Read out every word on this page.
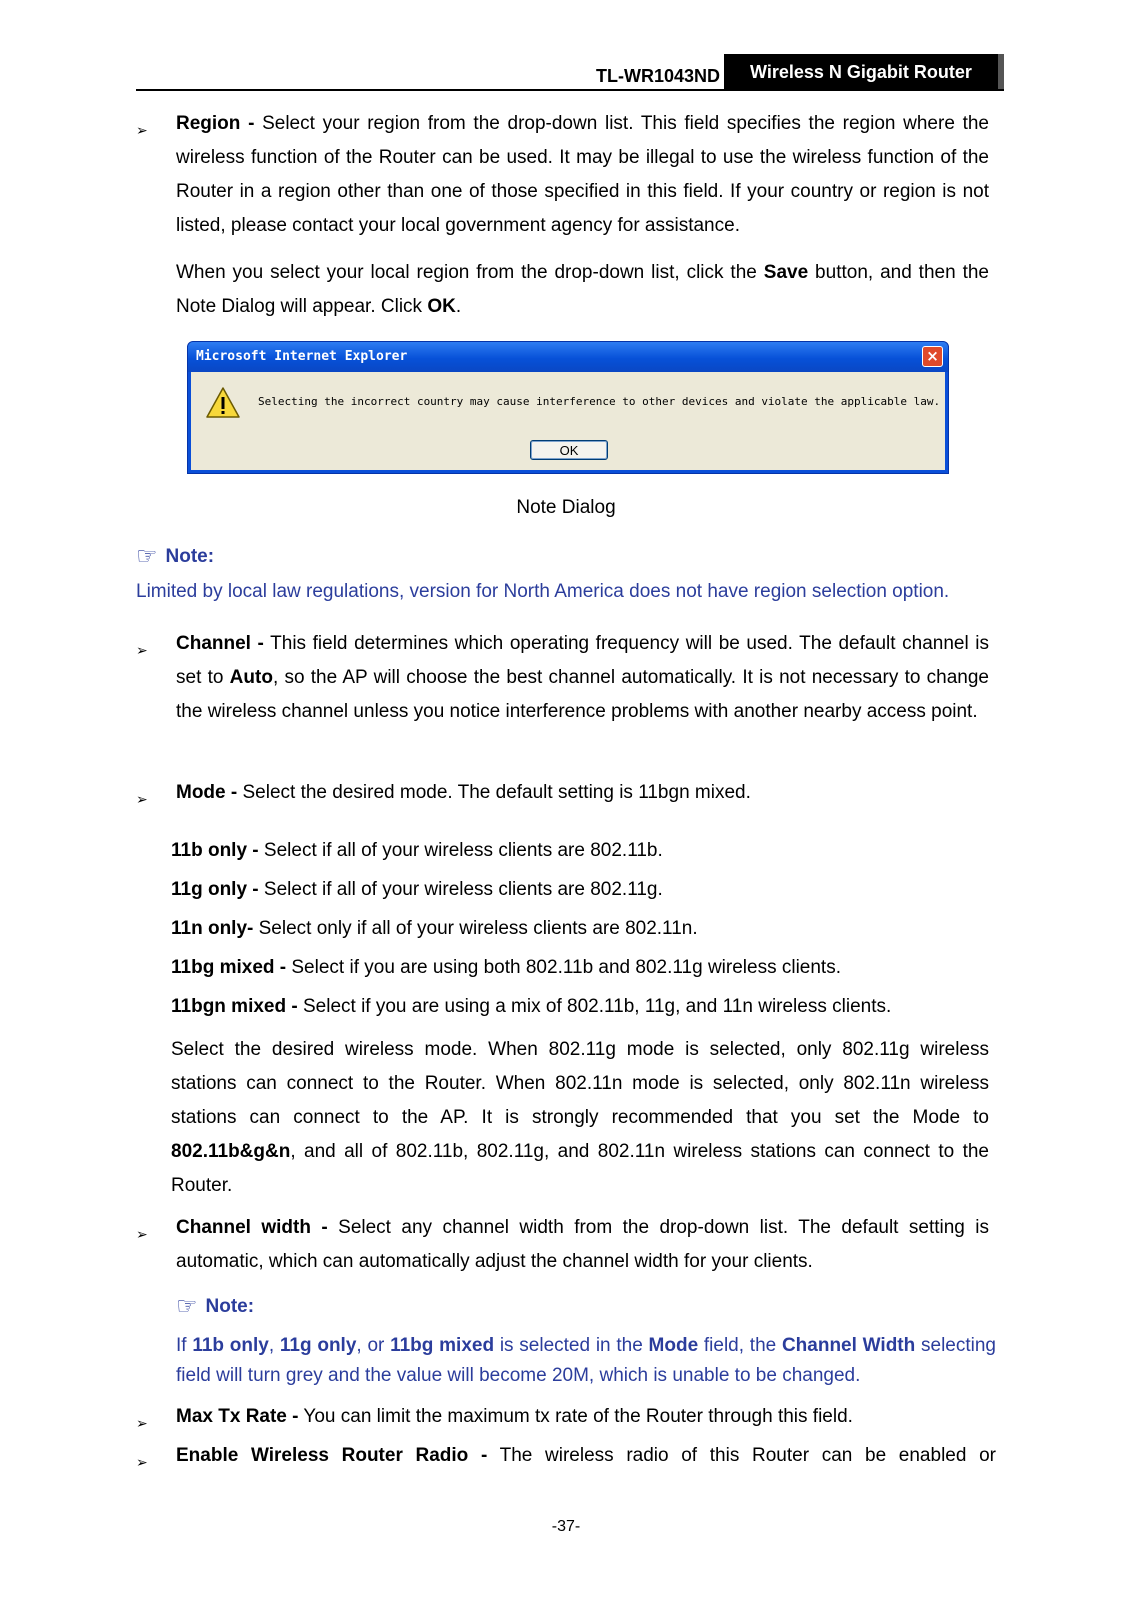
TL-WR1043ND Wireless N Gigabit Router
➢	Region - Select your region from the drop-down list. This field specifies the region where the wireless function of the Router can be used. It may be illegal to use the wireless function of the Router in a region other than one of those specified in this field. If your country or region is not listed, please contact your local government agency for assistance.
When you select your local region from the drop-down list, click the Save button, and then the Note Dialog will appear. Click OK.
Microsoft Internet Explorer	×
Selecting the incorrect country may cause interference to other devices and violate the applicable law.
OK
Note Dialog
☞ Note:
Limited by local law regulations, version for North America does not have region selection option.
➢	Channel - This field determines which operating frequency will be used. The default channel is set to Auto, so the AP will choose the best channel automatically. It is not necessary to change the wireless channel unless you notice interference problems with another nearby access point.
➢	Mode - Select the desired mode. The default setting is 11bgn mixed.
11b only - Select if all of your wireless clients are 802.11b.
11g only - Select if all of your wireless clients are 802.11g.
11n only- Select only if all of your wireless clients are 802.11n.
11bg mixed - Select if you are using both 802.11b and 802.11g wireless clients.
11bgn mixed - Select if you are using a mix of 802.11b, 11g, and 11n wireless clients.
Select the desired wireless mode. When 802.11g mode is selected, only 802.11g wireless stations can connect to the Router. When 802.11n mode is selected, only 802.11n wireless stations can connect to the AP. It is strongly recommended that you set the Mode to 802.11b&g&n, and all of 802.11b, 802.11g, and 802.11n wireless stations can connect to the Router.
➢	Channel width - Select any channel width from the drop-down list. The default setting is automatic, which can automatically adjust the channel width for your clients.
☞ Note:
If 11b only, 11g only, or 11bg mixed is selected in the Mode field, the Channel Width selecting field will turn grey and the value will become 20M, which is unable to be changed.
➢	Max Tx Rate - You can limit the maximum tx rate of the Router through this field.
➢	Enable Wireless Router Radio - The wireless radio of this Router can be enabled or
-37-
